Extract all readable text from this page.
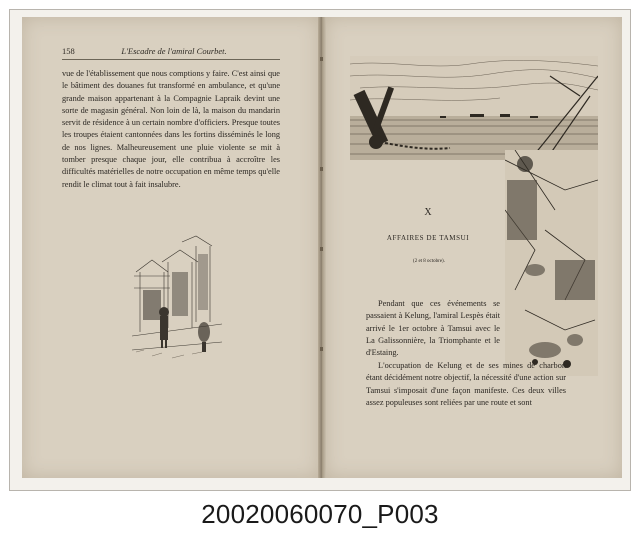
158	L'Escadre de l'amiral Courbet.

vue de l'établissement que nous comptions y faire. C'est ainsi que le bâtiment des douanes fut transformé en ambulance, et qu'une grande maison appartenant à la Compagnie Lapraik devint une sorte de magasin général. Non loin de là, la maison du mandarin servit de résidence à un certain nombre d'officiers. Presque toutes les troupes étaient cantonnées dans les fortins disséminés le long de nos lignes. Malheureusement une pluie violente se mit à tomber presque chaque jour, elle contribua à accroître les difficultés matérielles de notre occupation en même temps qu'elle rendit le climat tout à fait insalubre.

X
AFFAIRES DE TAMSUI
(2 et 8 octobre).

Pendant que ces événements se passaient à Kelung, l'amiral Lespès était arrivé le 1er octobre à Tamsui avec le La Galissonnière, la Triomphante et le d'Estaing.

L'occupation de Kelung et de ses mines de charbon étant décidément notre objectif, la nécessité d'une action sur Tamsui s'imposait d'une façon manifeste. Ces deux villes assez populeuses sont reliées par une route et sont

20020060070_P003
